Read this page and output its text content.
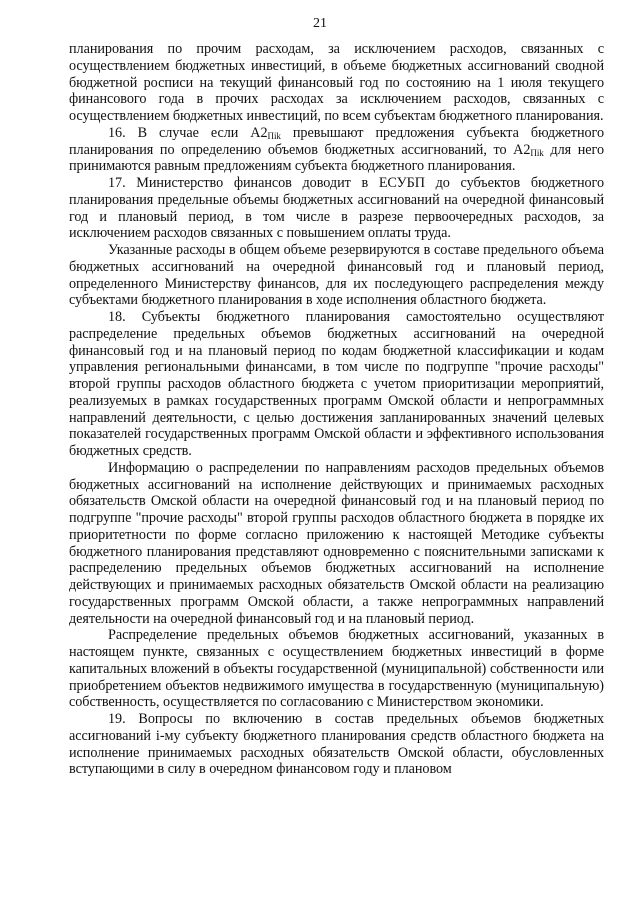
21

планирования по прочим расходам, за исключением расходов, связанных с осуществлением бюджетных инвестиций, в объеме бюджетных ассигнований сводной бюджетной росписи на текущий финансовый год по состоянию на 1 июля текущего финансового года в прочих расходах за исключением расходов, связанных с осуществлением бюджетных инвестиций, по всем субъектам бюджетного планирования.

16. В случае если $A2_{Пik}$ превышают предложения субъекта бюджетного планирования по определению объемов бюджетных ассигнований, то $A2_{Пik}$ для него принимаются равным предложениям субъекта бюджетного планирования.

17. Министерство финансов доводит в ЕСУБП до субъектов бюджетного планирования предельные объемы бюджетных ассигнований на очередной финансовый год и плановый период, в том числе в разрезе первоочередных расходов, за исключением расходов связанных с повышением оплаты труда.

Указанные расходы в общем объеме резервируются в составе предельного объема бюджетных ассигнований на очередной финансовый год и плановый период, определенного Министерству финансов, для их последующего распределения между субъектами бюджетного планирования в ходе исполнения областного бюджета.

18. Субъекты бюджетного планирования самостоятельно осуществляют распределение предельных объемов бюджетных ассигнований на очередной финансовый год и на плановый период по кодам бюджетной классификации и кодам управления региональными финансами, в том числе по подгруппе "прочие расходы" второй группы расходов областного бюджета с учетом приоритизации мероприятий, реализуемых в рамках государственных программ Омской области и непрограммных направлений деятельности, с целью достижения запланированных значений целевых показателей государственных программ Омской области и эффективного использования бюджетных средств.

Информацию о распределении по направлениям расходов предельных объемов бюджетных ассигнований на исполнение действующих и принимаемых расходных обязательств Омской области на очередной финансовый год и на плановый период по подгруппе "прочие расходы" второй группы расходов областного бюджета в порядке их приоритетности по форме согласно приложению к настоящей Методике субъекты бюджетного планирования представляют одновременно с пояснительными записками к распределению предельных объемов бюджетных ассигнований на исполнение действующих и принимаемых расходных обязательств Омской области на реализацию государственных программ Омской области, а также непрограммных направлений деятельности на очередной финансовый год и на плановый период.

Распределение предельных объемов бюджетных ассигнований, указанных в настоящем пункте, связанных с осуществлением бюджетных инвестиций в форме капитальных вложений в объекты государственной (муниципальной) собственности или приобретением объектов недвижимого имущества в государственную (муниципальную) собственность, осуществляется по согласованию с Министерством экономики.

19. Вопросы по включению в состав предельных объемов бюджетных ассигнований i-му субъекту бюджетного планирования средств областного бюджета на исполнение принимаемых расходных обязательств Омской области, обусловленных вступающими в силу в очередном финансовом году и плановом
